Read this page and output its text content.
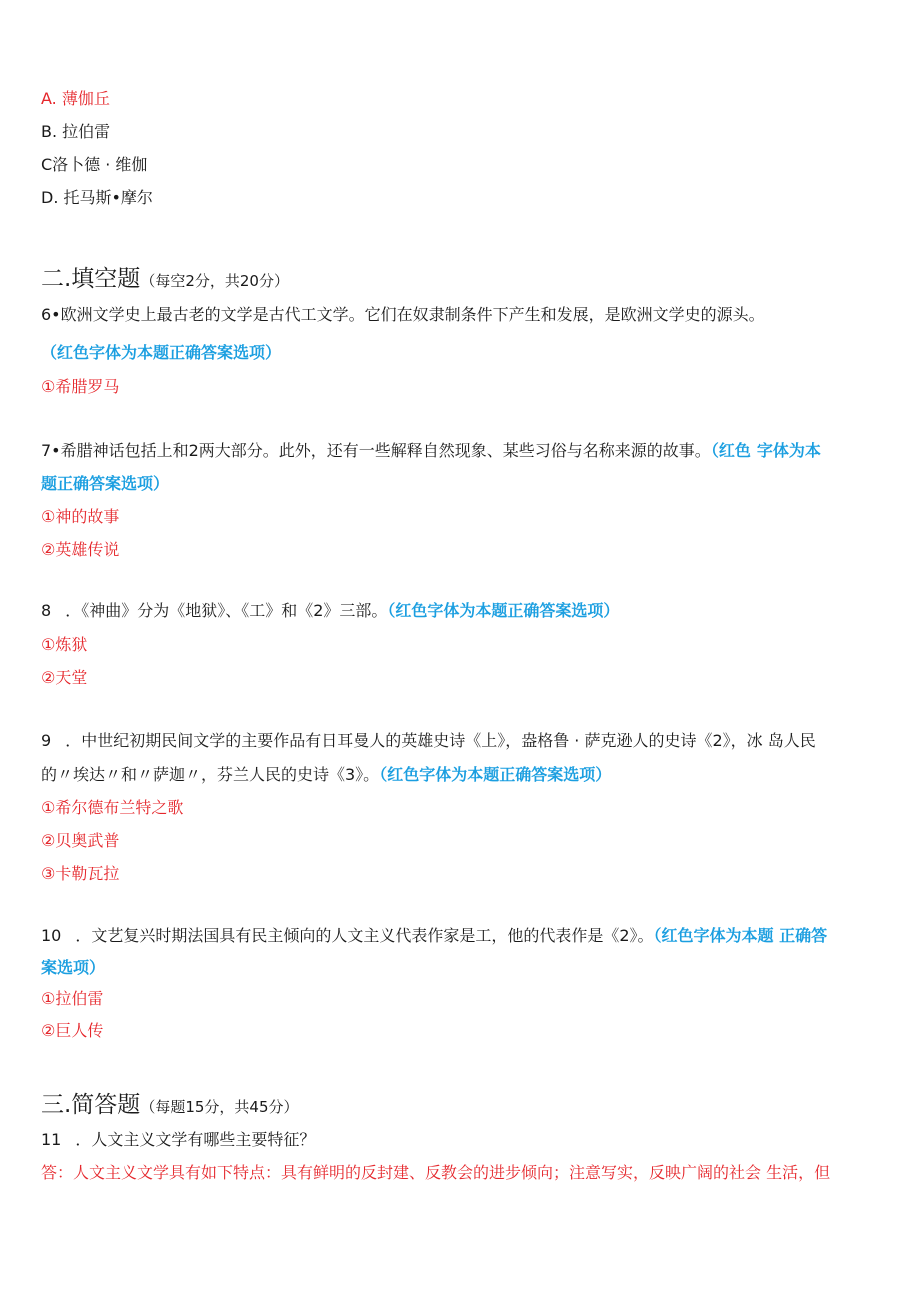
A. 薄伽丘
B. 拉伯雷
C洛卜德 · 维伽
D. 托马斯•摩尔
二.填空题（每空2分，共20分）
6•欧洲文学史上最古老的文学是古代工文学。它们在奴隶制条件下产生和发展，是欧洲文学史的源头。
（红色字体为本题正确答案选项）
①希腊罗马
7•希腊神话包括上和2两大部分。此外，还有一些解释自然现象、某些习俗与名称来源的故事。（红色 字体为本
题正确答案选项）
①神的故事
②英雄传说
8 ．《神曲》分为《地狱》、《工》和《2》三部。（红色字体为本题正确答案选项）
①炼狱
②天堂
9 ．中世纪初期民间文学的主要作品有日耳曼人的英雄史诗《上》，盎格鲁 · 萨克逊人的史诗《2》，冰 岛人民
的〃埃达〃和〃萨迦〃，芬兰人民的史诗《3》。（红色字体为本题正确答案选项）
①希尔德布兰特之歌
②贝奥武普
③卡勒瓦拉
10 ．文艺复兴时期法国具有民主倾向的人文主义代表作家是工，他的代表作是《2》。（红色字体为本题 正确答
案选项）
①拉伯雷
②巨人传
三.简答题（每题15分，共45分）
11 ．人文主义文学有哪些主要特征？
答：人文主义文学具有如下特点：具有鲜明的反封建、反教会的进步倾向；注意写实，反映广阔的社会 生活，但
